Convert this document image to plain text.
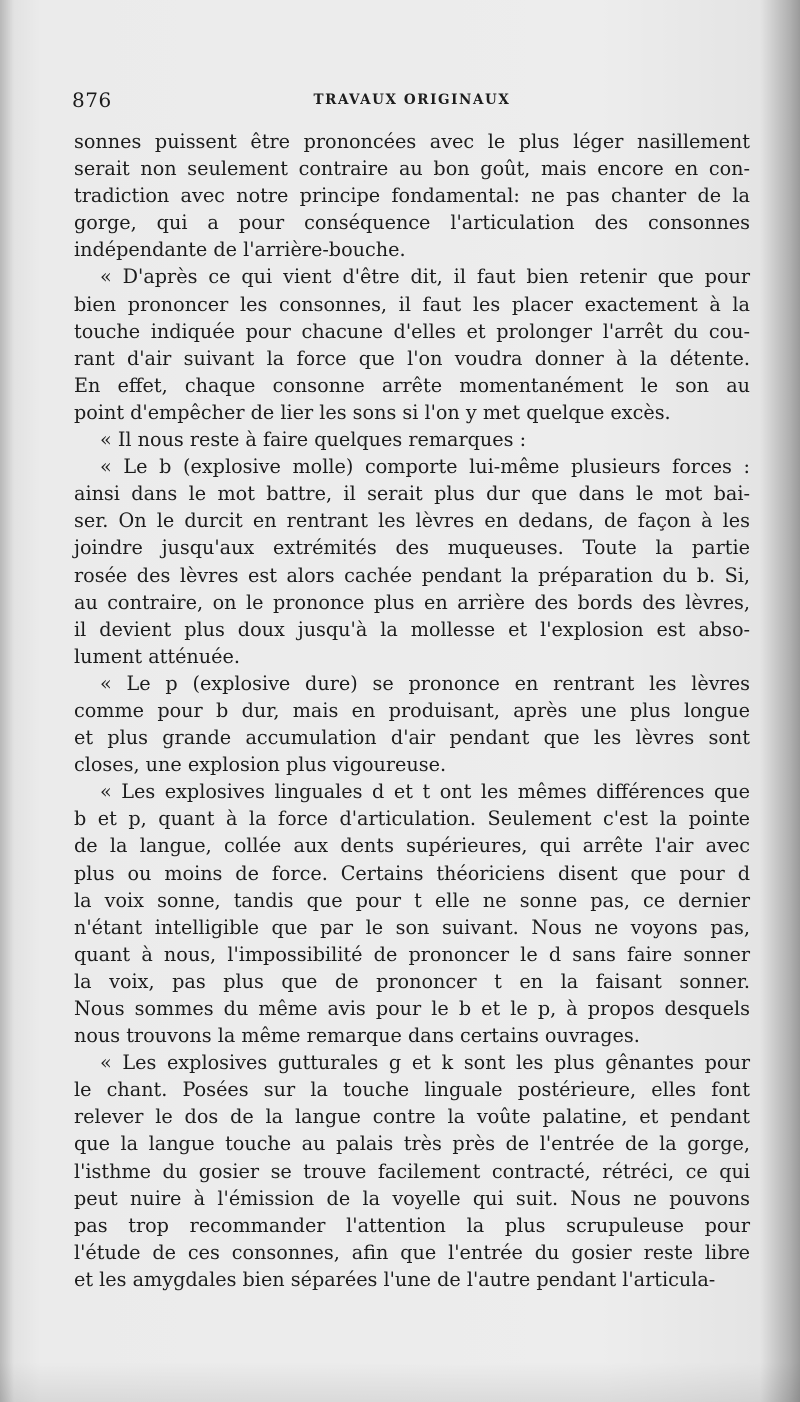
876	TRAVAUX ORIGINAUX
sonnes puissent être prononcées avec le plus léger nasillement
serait non seulement contraire au bon goût, mais encore en con-
tradiction avec notre principe fondamental: ne pas chanter de la
gorge, qui a pour conséquence l'articulation des consonnes
indépendante de l'arrière-bouche.
« D'après ce qui vient d'être dit, il faut bien retenir que pour
bien prononcer les consonnes, il faut les placer exactement à la
touche indiquée pour chacune d'elles et prolonger l'arrêt du cou-
rant d'air suivant la force que l'on voudra donner à la détente.
En effet, chaque consonne arrête momentanément le son au
point d'empêcher de lier les sons si l'on y met quelque excès.
« Il nous reste à faire quelques remarques :
« Le b (explosive molle) comporte lui-même plusieurs forces :
ainsi dans le mot battre, il serait plus dur que dans le mot bai-
ser. On le durcit en rentrant les lèvres en dedans, de façon à les
joindre jusqu'aux extrémités des muqueuses. Toute la partie
rosée des lèvres est alors cachée pendant la préparation du b. Si,
au contraire, on le prononce plus en arrière des bords des lèvres,
il devient plus doux jusqu'à la mollesse et l'explosion est abso-
lument atténuée.
« Le p (explosive dure) se prononce en rentrant les lèvres
comme pour b dur, mais en produisant, après une plus longue
et plus grande accumulation d'air pendant que les lèvres sont
closes, une explosion plus vigoureuse.
« Les explosives linguales d et t ont les mêmes différences que
b et p, quant à la force d'articulation. Seulement c'est la pointe
de la langue, collée aux dents supérieures, qui arrête l'air avec
plus ou moins de force. Certains théoriciens disent que pour d
la voix sonne, tandis que pour t elle ne sonne pas, ce dernier
n'étant intelligible que par le son suivant. Nous ne voyons pas,
quant à nous, l'impossibilité de prononcer le d sans faire sonner
la voix, pas plus que de prononcer t en la faisant sonner.
Nous sommes du même avis pour le b et le p, à propos desquels
nous trouvons la même remarque dans certains ouvrages.
« Les explosives gutturales g et k sont les plus gênantes pour
le chant. Posées sur la touche linguale postérieure, elles font
relever le dos de la langue contre la voûte palatine, et pendant
que la langue touche au palais très près de l'entrée de la gorge,
l'isthme du gosier se trouve facilement contracté, rétréci, ce qui
peut nuire à l'émission de la voyelle qui suit. Nous ne pouvons
pas trop recommander l'attention la plus scrupuleuse pour
l'étude de ces consonnes, afin que l'entrée du gosier reste libre
et les amygdales bien séparées l'une de l'autre pendant l'articula-
